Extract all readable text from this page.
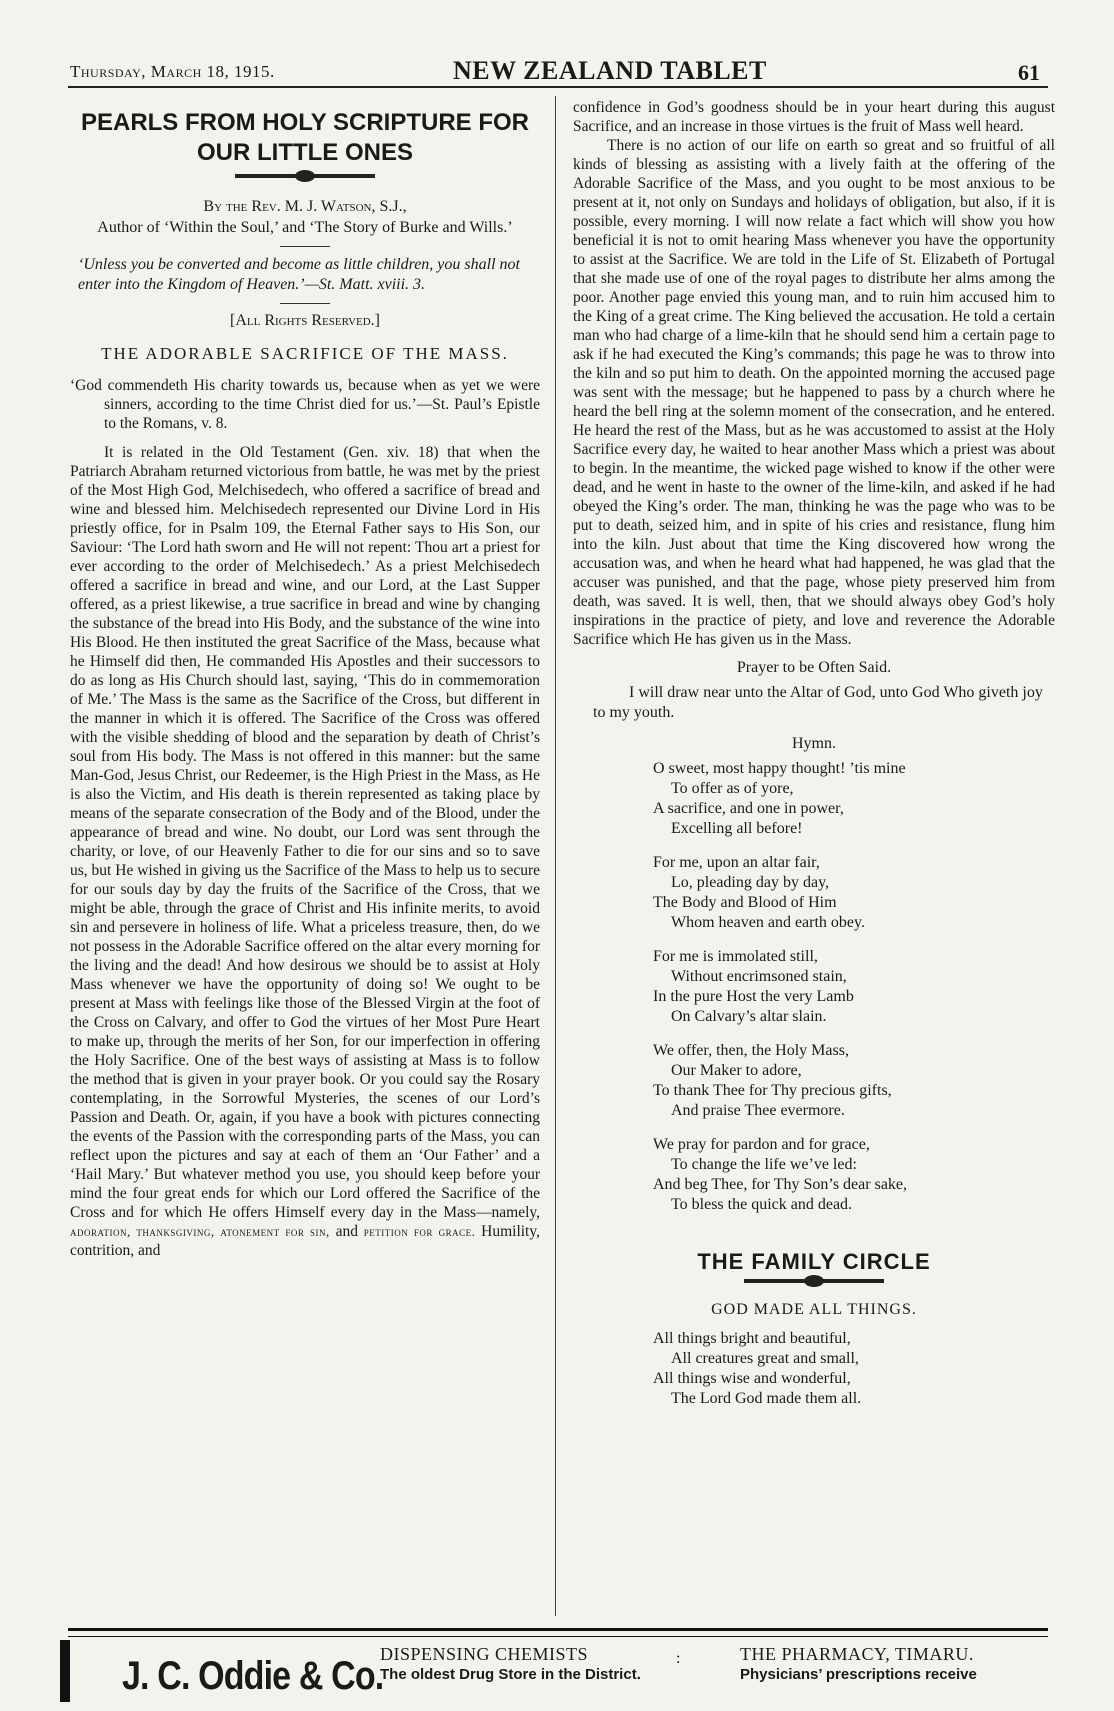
Thursday, March 18, 1915.	NEW ZEALAND TABLET	61
PEARLS FROM HOLY SCRIPTURE FOR OUR LITTLE ONES
By the Rev. M. J. Watson, S.J.,
Author of ‘Within the Soul,’ and ‘The Story of Burke and Wills.’
‘Unless you be converted and become as little children, you shall not enter into the Kingdom of Heaven.’—St. Matt. xviii. 3.
[All Rights Reserved.]
THE ADORABLE SACRIFICE OF THE MASS.

‘God commendeth His charity towards us, because when as yet we were sinners, according to the time Christ died for us.’—St. Paul’s Epistle to the Romans, v. 8.

It is related in the Old Testament (Gen. xiv. 18) that when the Patriarch Abraham returned victorious from battle, he was met by the priest of the Most High God, Melchisedech, who offered a sacrifice of bread and wine and blessed him. Melchisedech represented our Divine Lord in His priestly office, for in Psalm 109, the Eternal Father says to His Son, our Saviour: ‘The Lord hath sworn and He will not repent: Thou art a priest for ever according to the order of Melchisedech.’ As a priest Melchisedech offered a sacrifice in bread and wine, and our Lord, at the Last Supper offered, as a priest likewise, a true sacrifice in bread and wine by changing the substance of the bread into His Body, and the substance of the wine into His Blood. He then instituted the great Sacrifice of the Mass, because what he Himself did then, He commanded His Apostles and their successors to do as long as His Church should last, saying, ‘This do in commemoration of Me.’ The Mass is the same as the Sacrifice of the Cross, but different in the manner in which it is offered. The Sacrifice of the Cross was offered with the visible shedding of blood and the separation by death of Christ’s soul from His body. The Mass is not offered in this manner: but the same Man-God, Jesus Christ, our Redeemer, is the High Priest in the Mass, as He is also the Victim, and His death is therein represented as taking place by means of the separate consecration of the Body and of the Blood, under the appearance of bread and wine. No doubt, our Lord was sent through the charity, or love, of our Heavenly Father to die for our sins and so to save us, but He wished in giving us the Sacrifice of the Mass to help us to secure for our souls day by day the fruits of the Sacrifice of the Cross, that we might be able, through the grace of Christ and His infinite merits, to avoid sin and persevere in holiness of life. What a priceless treasure, then, do we not possess in the Adorable Sacrifice offered on the altar every morning for the living and the dead! And how desirous we should be to assist at Holy Mass whenever we have the opportunity of doing so! We ought to be present at Mass with feelings like those of the Blessed Virgin at the foot of the Cross on Calvary, and offer to God the virtues of her Most Pure Heart to make up, through the merits of her Son, for our imperfection in offering the Holy Sacrifice. One of the best ways of assisting at Mass is to follow the method that is given in your prayer book. Or you could say the Rosary contemplating, in the Sorrowful Mysteries, the scenes of our Lord’s Passion and Death. Or, again, if you have a book with pictures connecting the events of the Passion with the corresponding parts of the Mass, you can reflect upon the pictures and say at each of them an ‘Our Father’ and a ‘Hail Mary.’ But whatever method you use, you should keep before your mind the four great ends for which our Lord offered the Sacrifice of the Cross and for which He offers Himself every day in the Mass—namely, adoration, thanksgiving, atonement for sin, and petition for grace. Humility, contrition, and

confidence in God’s goodness should be in your heart during this august Sacrifice, and an increase in those virtues is the fruit of Mass well heard.

There is no action of our life on earth so great and so fruitful of all kinds of blessing as assisting with a lively faith at the offering of the Adorable Sacrifice of the Mass, and you ought to be most anxious to be present at it, not only on Sundays and holidays of obligation, but also, if it is possible, every morning. I will now relate a fact which will show you how beneficial it is not to omit hearing Mass whenever you have the opportunity to assist at the Sacrifice. We are told in the Life of St. Elizabeth of Portugal that she made use of one of the royal pages to distribute her alms among the poor. Another page envied this young man, and to ruin him accused him to the King of a great crime. The King believed the accusation. He told a certain man who had charge of a lime-kiln that he should send him a certain page to ask if he had executed the King’s commands; this page he was to throw into the kiln and so put him to death. On the appointed morning the accused page was sent with the message; but he happened to pass by a church where he heard the bell ring at the solemn moment of the consecration, and he entered. He heard the rest of the Mass, but as he was accustomed to assist at the Holy Sacrifice every day, he waited to hear another Mass which a priest was about to begin. In the meantime, the wicked page wished to know if the other were dead, and he went in haste to the owner of the lime-kiln, and asked if he had obeyed the King’s order. The man, thinking he was the page who was to be put to death, seized him, and in spite of his cries and resistance, flung him into the kiln. Just about that time the King discovered how wrong the accusation was, and when he heard what had happened, he was glad that the accuser was punished, and that the page, whose piety preserved him from death, was saved. It is well, then, that we should always obey God’s holy inspirations in the practice of piety, and love and reverence the Adorable Sacrifice which He has given us in the Mass.

Prayer to be Often Said.

I will draw near unto the Altar of God, unto God Who giveth joy to my youth.

Hymn.
O sweet, most happy thought! ’tis mine
To offer as of yore,
A sacrifice, and one in power,
Excelling all before!
For me, upon an altar fair,
Lo, pleading day by day,
The Body and Blood of Him
Whom heaven and earth obey.
For me is immolated still,
Without encrimsoned stain,
In the pure Host the very Lamb
On Calvary’s altar slain.
We offer, then, the Holy Mass,
Our Maker to adore,
To thank Thee for Thy precious gifts,
And praise Thee evermore.
We pray for pardon and for grace,
To change the life we’ve led:
And beg Thee, for Thy Son’s dear sake,
To bless the quick and dead.
THE FAMILY CIRCLE
GOD MADE ALL THINGS.
All things bright and beautiful,
All creatures great and small,
All things wise and wonderful,
The Lord God made them all.
J. C. Oddie & Co.
DISPENSING CHEMISTS
The oldest Drug Store in the District.
:	THE PHARMACY, TIMARU.
Physicians’ prescriptions receive
